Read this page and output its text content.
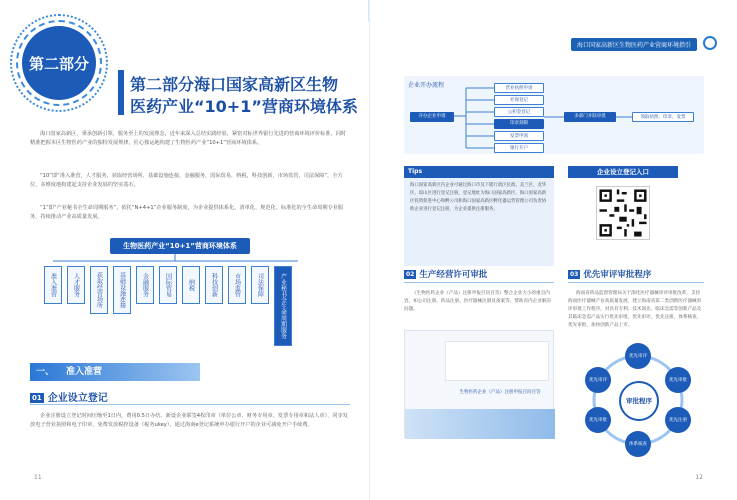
第二部分
第二部分海口国家高新区生物
医药产业“10+1”营商环境体系
海口国家高新区，秉承创新引领、服务至上的发展理念，近年来深入总结实践经验，紧密对标世界银行先进的营商环境评价标准，同时精准把握本区生物医药产业的独特发展规律，匠心独运地构建了生物医药产业“10+1”营商环境体系。
“10”即“准入准营，人才服务，获取经营场所，基础设施连接，金融服务，国际贸易，纳税，科技创新，市场监管，司法保障”，全方位、多维度地构建起支持企业发展的坚实基石。
“1”即“产业秘书全生命周期服务”，依托“N+4+1”企业服务制度，为企业提供体系化、清单化、规范化、标准化的全生命周期专业服务，持续推动产业高质量发展。
生物医药产业“10+1”营商环境体系
准入准营	人才服务	获取经营场所	基础设施连接	金融服务	国际贸易	纳税	科技创新	市场监管	司法保障	产业秘书全生命周期服务
一、 准入准营
01 企业设立登记
企业注册设立登记时间压缩至1日内，费用0.5日办结。新设企业联签4枚印章（单位公章、财务专用章、发票专用章和法人章），同步发放电子营业执照和电子印章，免费发放税控设备（税务ukey），通过海南e登记系统申办银行开户的企业可减免开户手续费。
11
海口国家高新区生物医药产业营商环境指引
企业开办流程
开办企业申请
营业执照申请
社保登记
公积金登记
印章刻制
发票申领
银行开户
多部门并联审批	领取执照、印章、发票
Tips
海口国家高新区内企业可通过海口市及下辖行政区民政、美兰区、龙华区、琼山区进行登记注册，登记地址为海口国家高新区。海口国家高新区投资促进中心和孵公司和海口国家高新区孵化器运营管理公司负责协助企业进行登记注册，为企业提供注册服务。
企业设立登记入口
02 生产经营许可审批
《生物医药企业（产品）注册申报百问百答》整合企业大小的重点内容，如公司注册、药品注册、医疗器械注册及备案等，帮助省内企业解决问题。
生物医药企业（产品）注册申报百问百答
03 优先审评审批程序
海南省药品监督管理局关于深化医疗器械审评审批改革，支持海南医疗器械产业高质量发展，建立海南省第二类创新医疗器械审评审批工作程序，对具有专利、技术领先、临床急需等创新产品及其临床急需产品实行优先审批，优先审评，优先注册，体系核查，优先审批，加快创新产品上市。
审批程序
优先审评
优先审批
优先注册
体系核查
优先审批
优先审评
12
